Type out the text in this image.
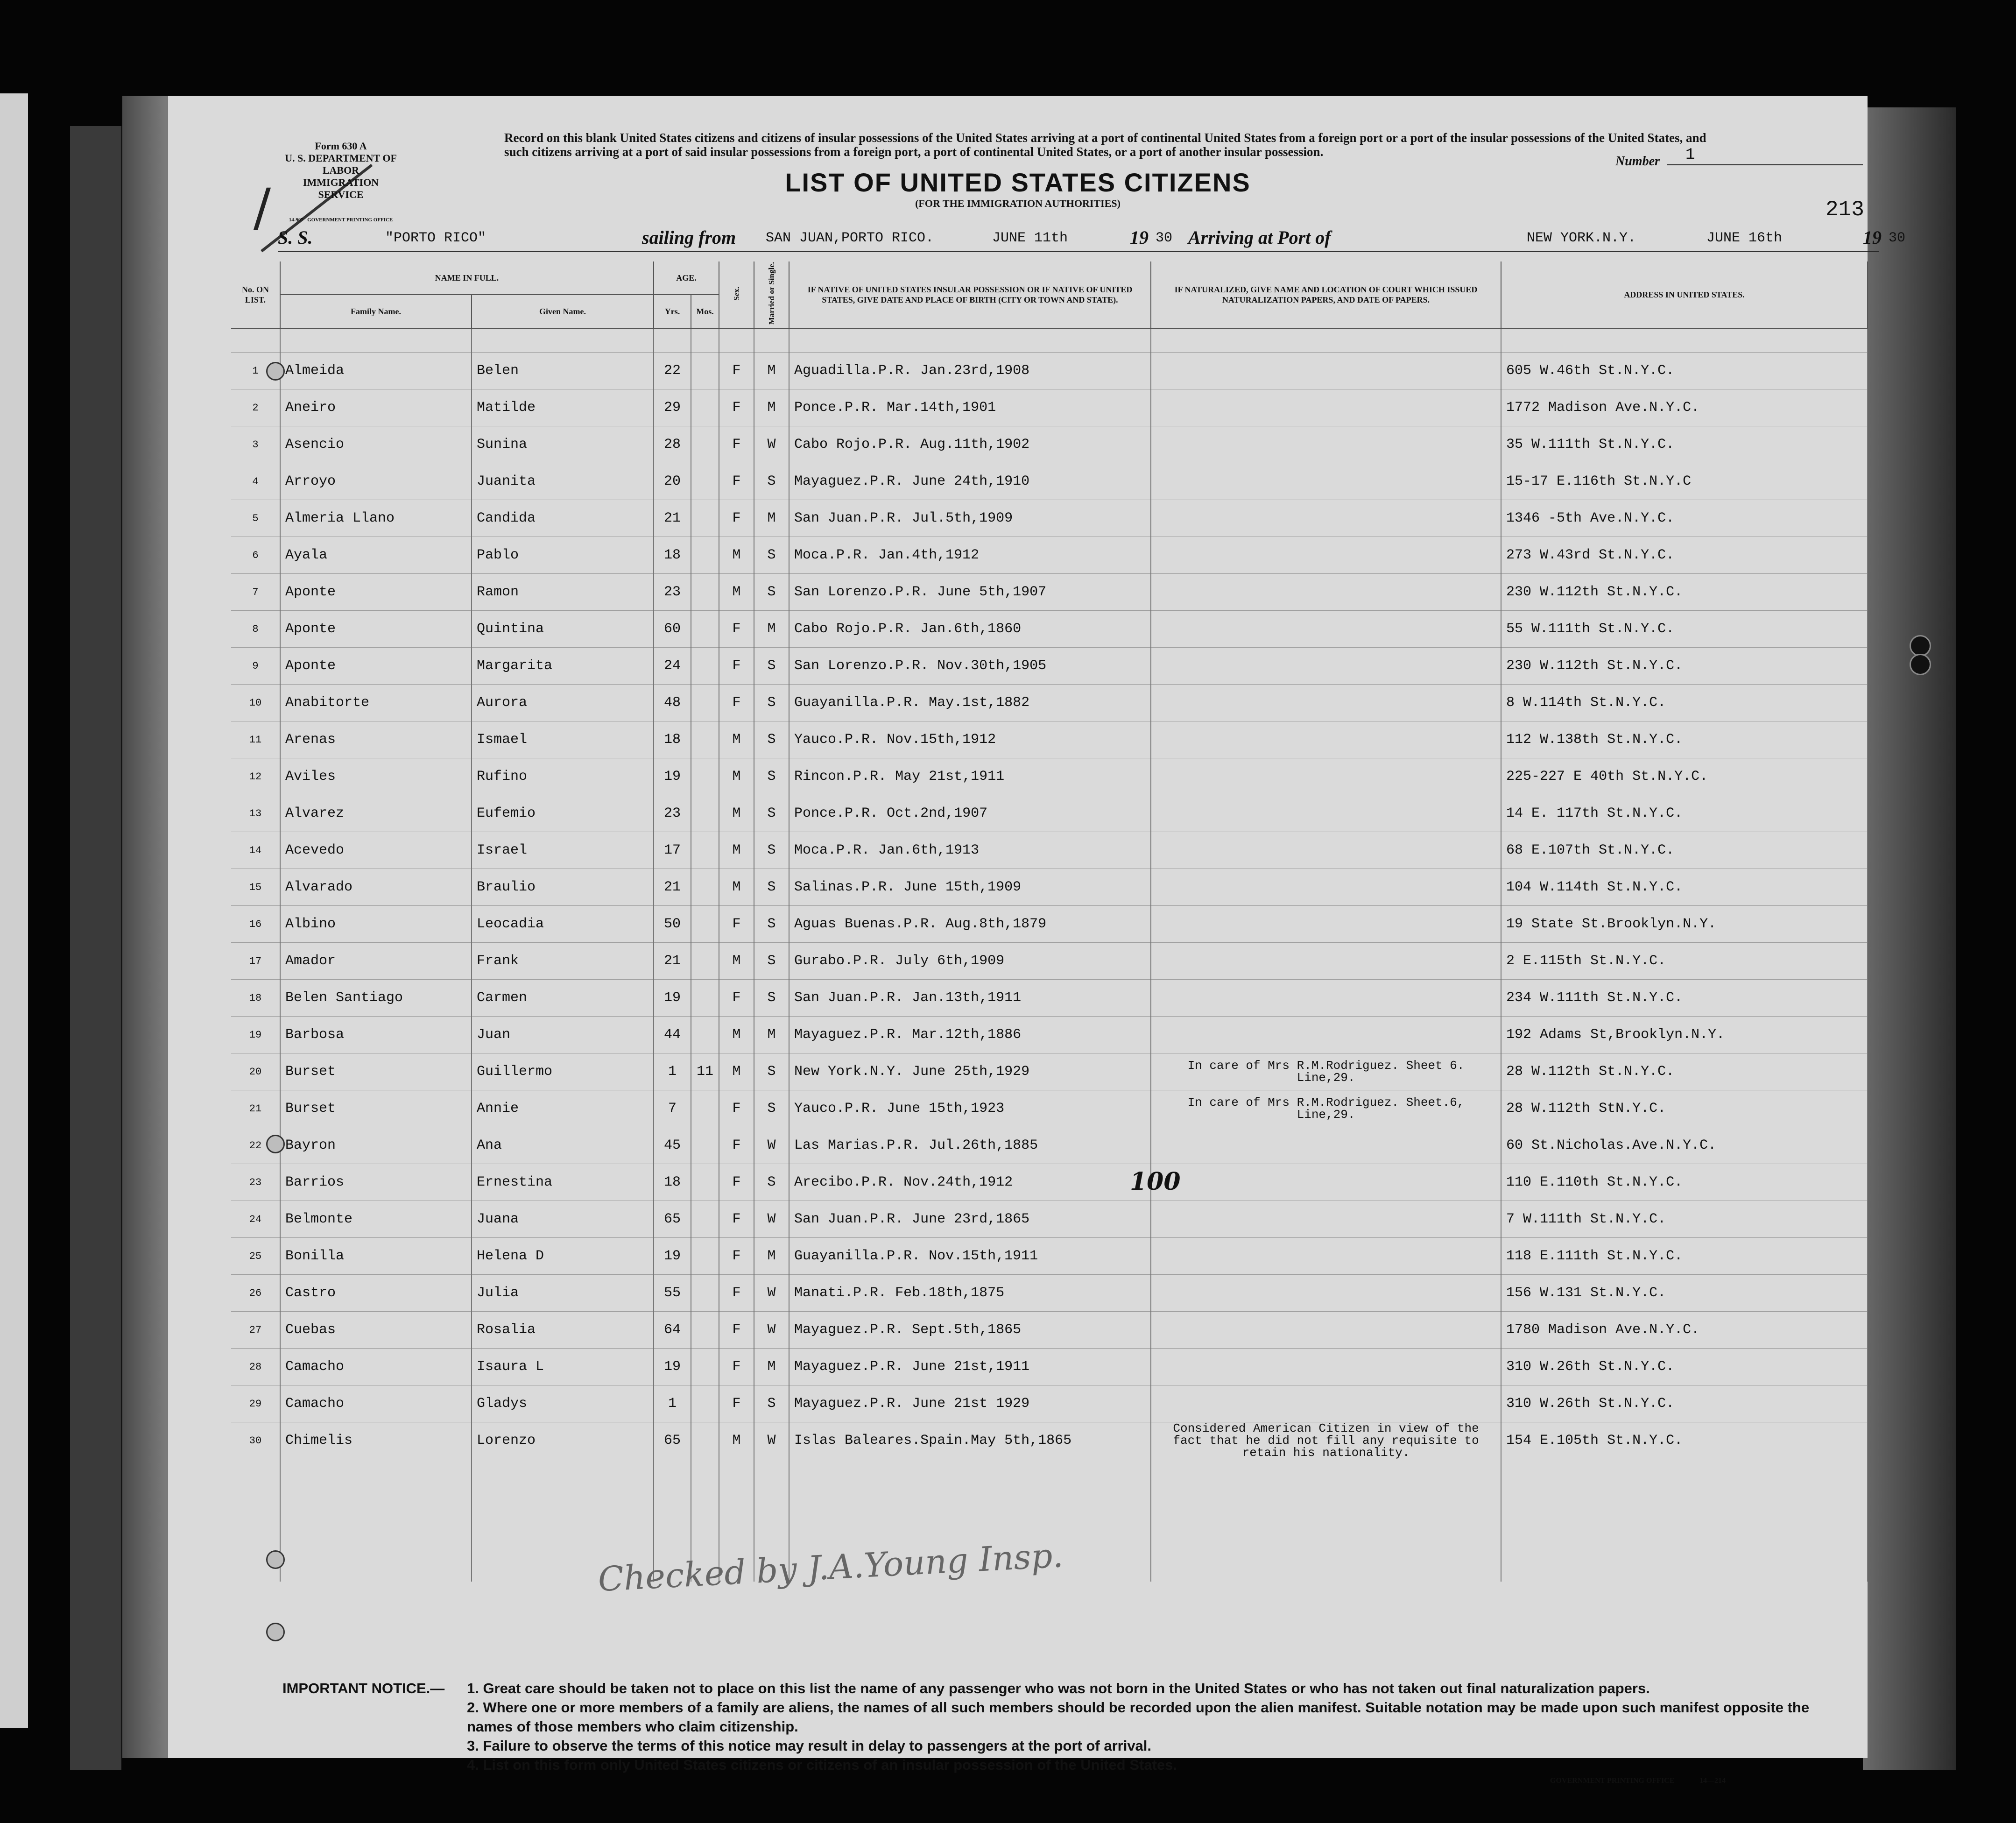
/
Form 630 A
U. S. DEPARTMENT OF LABOR
IMMIGRATION SERVICE
14-907 GOVERNMENT PRINTING OFFICE
Record on this blank United States citizens and citizens of insular possessions of the United States arriving at a port of continental United States from a foreign port or a port of the insular possessions of the United States, and such citizens arriving at a port of said insular possessions from a foreign port, a port of continental United States, or a port of another insular possession.
Number 1
LIST OF UNITED STATES CITIZENS
(FOR THE IMMIGRATION AUTHORITIES)	213
S. S.	"PORTO RICO"	sailing from SAN JUAN,PORTO RICO.	JUNE 11th	19 30 Arriving at Port of	NEW YORK.N.Y.	JUNE 16th	19 30
No. ON LIST.	NAME IN FULL.		AGE.		Sex.	Married or Single.	IF NATIVE OF UNITED STATES INSULAR POSSESSION OR IF NATIVE OF UNITED STATES, GIVE DATE AND PLACE OF BIRTH (CITY OR TOWN AND STATE).	IF NATURALIZED, GIVE NAME AND LOCATION OF COURT WHICH ISSUED NATURALIZATION PAPERS, AND DATE OF PAPERS.	ADDRESS IN UNITED STATES.
	Family Name.	Given Name.	Yrs.	Mos.					

1	Almeida	Belen	22		F	M	Aguadilla.P.R. Jan.23rd,1908		605 W.46th St.N.Y.C.
2	Aneiro	Matilde	29		F	M	Ponce.P.R. Mar.14th,1901		1772 Madison Ave.N.Y.C.
3	Asencio	Sunina	28		F	W	Cabo Rojo.P.R. Aug.11th,1902		35 W.111th St.N.Y.C.
4	Arroyo	Juanita	20		F	S	Mayaguez.P.R. June 24th,1910		15-17 E.116th St.N.Y.C
5	Almeria Llano	Candida	21		F	M	San Juan.P.R. Jul.5th,1909		1346 -5th Ave.N.Y.C.
6	Ayala	Pablo	18		M	S	Moca.P.R. Jan.4th,1912		273 W.43rd St.N.Y.C.
7	Aponte	Ramon	23		M	S	San Lorenzo.P.R. June 5th,1907		230 W.112th St.N.Y.C.
8	Aponte	Quintina	60		F	M	Cabo Rojo.P.R. Jan.6th,1860		55 W.111th St.N.Y.C.
9	Aponte	Margarita	24		F	S	San Lorenzo.P.R. Nov.30th,1905		230 W.112th St.N.Y.C.
10	Anabitorte	Aurora	48		F	S	Guayanilla.P.R. May.1st,1882		8 W.114th St.N.Y.C.
11	Arenas	Ismael	18		M	S	Yauco.P.R. Nov.15th,1912		112 W.138th St.N.Y.C.
12	Aviles	Rufino	19		M	S	Rincon.P.R. May 21st,1911		225-227 E 40th St.N.Y.C.
13	Alvarez	Eufemio	23		M	S	Ponce.P.R. Oct.2nd,1907		14 E. 117th St.N.Y.C.
14	Acevedo	Israel	17		M	S	Moca.P.R. Jan.6th,1913		68 E.107th St.N.Y.C.
15	Alvarado	Braulio	21		M	S	Salinas.P.R. June 15th,1909		104 W.114th St.N.Y.C.
16	Albino	Leocadia	50		F	S	Aguas Buenas.P.R. Aug.8th,1879		19 State St.Brooklyn.N.Y.
17	Amador	Frank	21		M	S	Gurabo.P.R. July 6th,1909		2 E.115th St.N.Y.C.
18	Belen Santiago	Carmen	19		F	S	San Juan.P.R. Jan.13th,1911		234 W.111th St.N.Y.C.
19	Barbosa	Juan	44		M	M	Mayaguez.P.R. Mar.12th,1886		192 Adams St,Brooklyn.N.Y.
20	Burset	Guillermo	1	11	M	S	New York.N.Y. June 25th,1929	In care of Mrs R.M.Rodriguez. Sheet 6. Line,29.	28 W.112th St.N.Y.C.
21	Burset	Annie	7		F	S	Yauco.P.R. June 15th,1923	In care of Mrs R.M.Rodriguez. Sheet.6, Line,29.	28 W.112th StN.Y.C.
22	Bayron	Ana	45		F	W	Las Marias.P.R. Jul.26th,1885		60 St.Nicholas.Ave.N.Y.C.
23	Barrios	Ernestina	18		F	S	Arecibo.P.R. Nov.24th,1912		110 E.110th St.N.Y.C.
24	Belmonte	Juana	65		F	W	San Juan.P.R. June 23rd,1865		7 W.111th St.N.Y.C.
25	Bonilla	Helena D	19		F	M	Guayanilla.P.R. Nov.15th,1911		118 E.111th St.N.Y.C.
26	Castro	Julia	55		F	W	Manati.P.R. Feb.18th,1875		156 W.131 St.N.Y.C.
27	Cuebas	Rosalia	64		F	W	Mayaguez.P.R. Sept.5th,1865		1780 Madison Ave.N.Y.C.
28	Camacho	Isaura L	19		F	M	Mayaguez.P.R. June 21st,1911		310 W.26th St.N.Y.C.
29	Camacho	Gladys	1		F	S	Mayaguez.P.R. June 21st 1929		310 W.26th St.N.Y.C.
30	Chimelis	Lorenzo	65		M	W	Islas Baleares.Spain.May 5th,1865	Considered American Citizen in view of the fact that he did not fill any requisite to retain his nationality.	154 E.105th St.N.Y.C.

100
Checked by J.A.Young Insp.
IMPORTANT NOTICE.—	1. Great care should be taken not to place on this list the name of any passenger who was not born in the United States or who has not taken out final naturalization papers.
2. Where one or more members of a family are aliens, the names of all such members should be recorded upon the alien manifest. Suitable notation may be made upon such manifest opposite the names of those members who claim citizenship.
3. Failure to observe the terms of this notice may result in delay to passengers at the port of arrival.
4. List on this form only United States citizens or citizens of an insular possession of the United States.
GOVERNMENT PRINTING OFFICE	14—214
